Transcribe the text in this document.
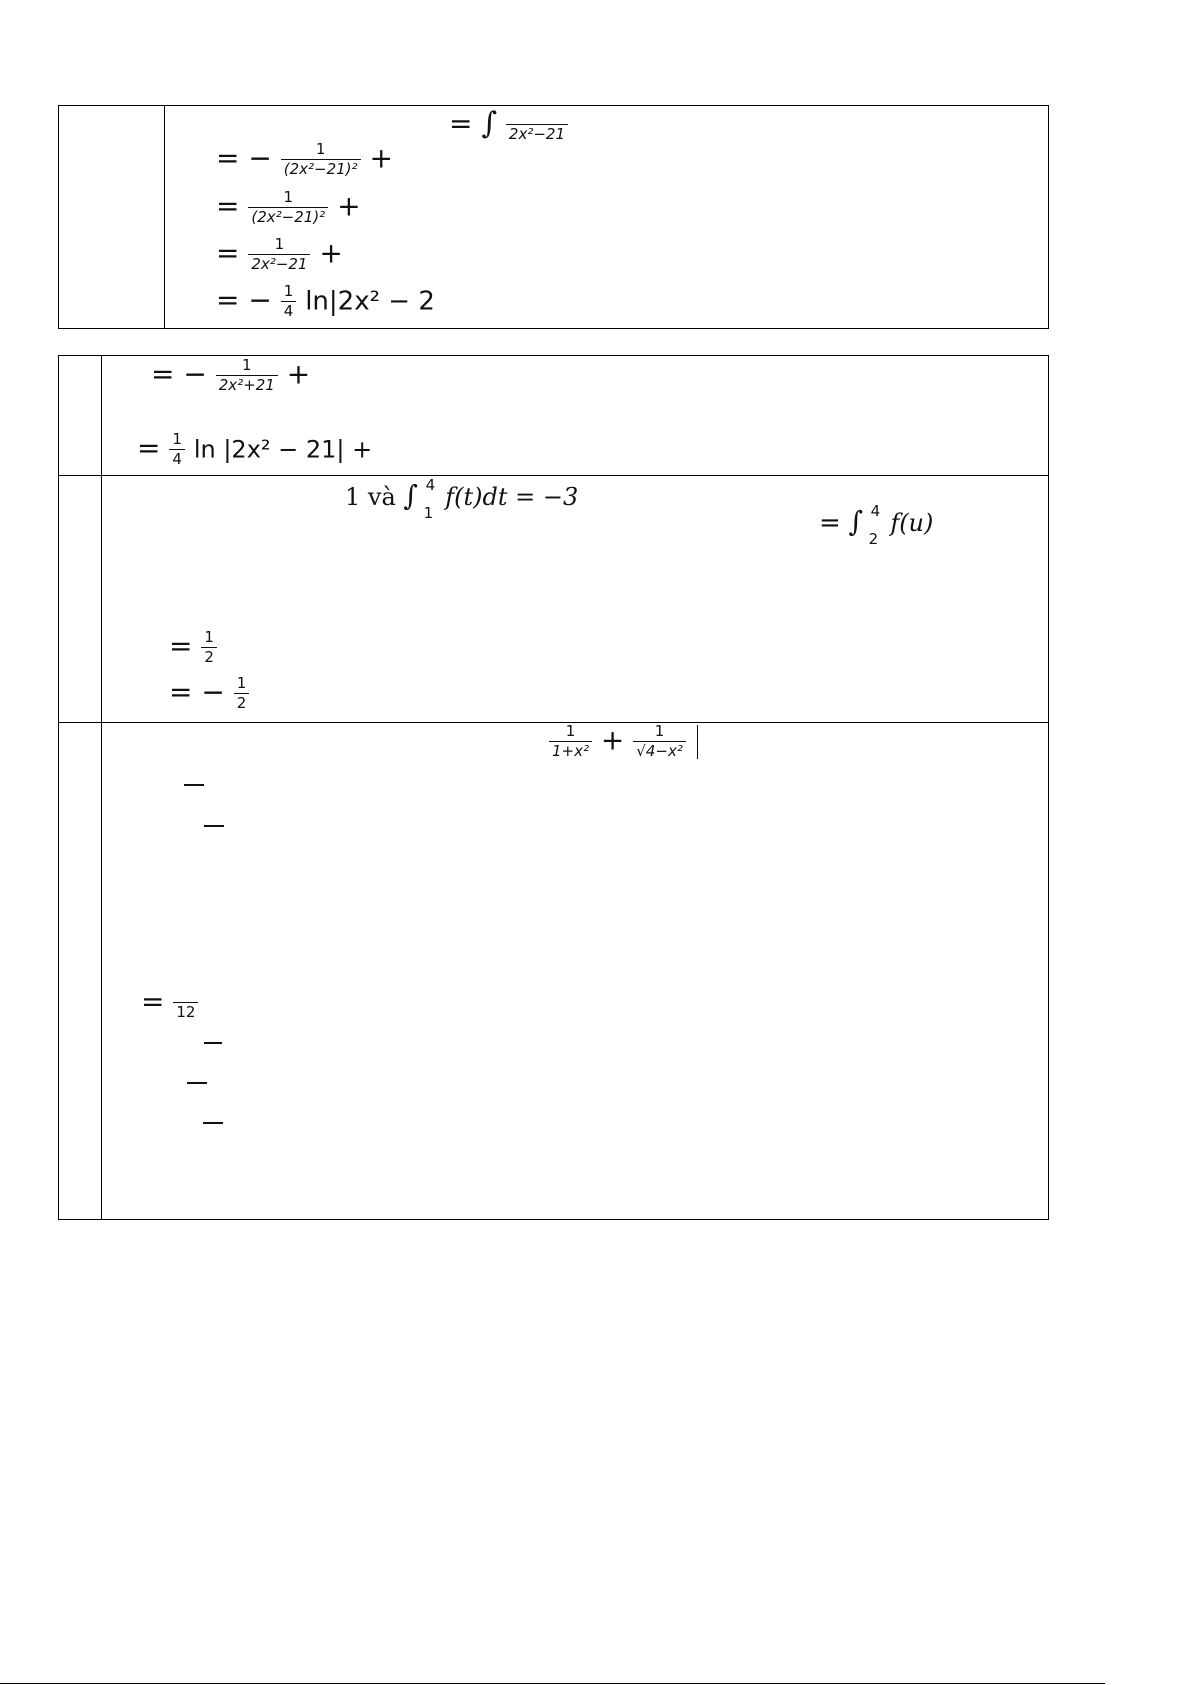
= ∫ 2x²−21
= − $\frac{1}{\text{(2x²−21)²}}$ +
= $\frac{1}{\text{(2x²−21)²}}$ +
= $\frac{1}{\text{2x²−21}}$ +
= − $\frac{1}{4} \ln|2x^2 - 2$
= − $\frac{1}{\text{2x²+21}}$ +
= $\frac{1}{4}$ ln |2x² − 21| +
1 và ∫ 4
1
f(t)dt = −3
= ∫ 4
2
f(u)
= $\frac{1}{2}$
= − $\frac{1}{2}$
$\frac{1}{\text{1+x²}} + \frac{1}{\text{√4−x²}}$

= 12
